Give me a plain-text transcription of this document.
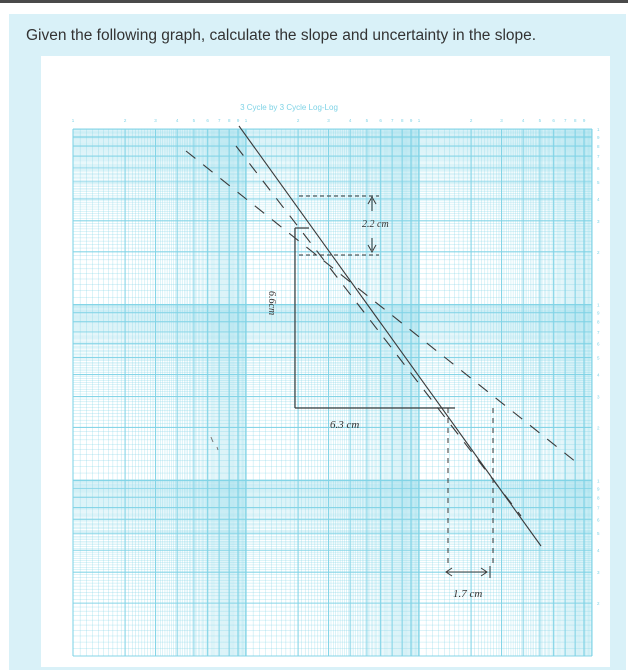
Given the following graph, calculate the slope and uncertainty in the slope.
3 Cycle by 3 Cycle Log-Log
1	2	3	4	5 6 7 8 9 1	2	3	4	5 6 7 8 9 1	2	3	4	5 6 7 8 9
1
9
8
7
6
5
4
3
2
1
9
8
7
6
5
4
3
2
1
9
8
7
6
5
4
3
2
2.2 cm
6.6cm
6.3 cm
1.7 cm
